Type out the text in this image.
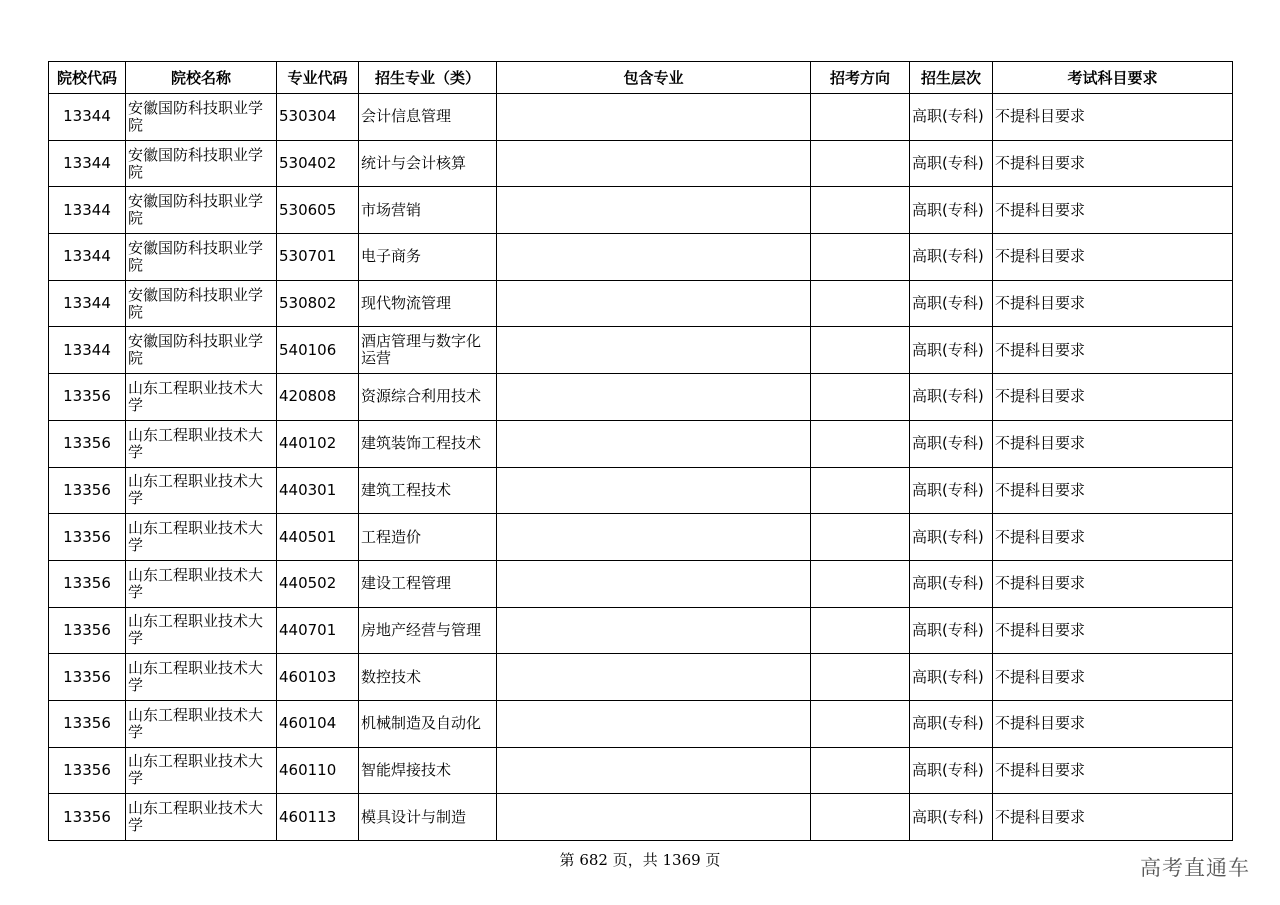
院校代码	院校名称	专业代码	招生专业（类）	包含专业	招考方向	招生层次	考试科目要求
13344	安徽国防科技职业学院	530304	会计信息管理			高职(专科)	不提科目要求
13344	安徽国防科技职业学院	530402	统计与会计核算			高职(专科)	不提科目要求
13344	安徽国防科技职业学院	530605	市场营销			高职(专科)	不提科目要求
13344	安徽国防科技职业学院	530701	电子商务			高职(专科)	不提科目要求
13344	安徽国防科技职业学院	530802	现代物流管理			高职(专科)	不提科目要求
13344	安徽国防科技职业学院	540106	酒店管理与数字化运营			高职(专科)	不提科目要求
13356	山东工程职业技术大学	420808	资源综合利用技术			高职(专科)	不提科目要求
13356	山东工程职业技术大学	440102	建筑装饰工程技术			高职(专科)	不提科目要求
13356	山东工程职业技术大学	440301	建筑工程技术			高职(专科)	不提科目要求
13356	山东工程职业技术大学	440501	工程造价			高职(专科)	不提科目要求
13356	山东工程职业技术大学	440502	建设工程管理			高职(专科)	不提科目要求
13356	山东工程职业技术大学	440701	房地产经营与管理			高职(专科)	不提科目要求
13356	山东工程职业技术大学	460103	数控技术			高职(专科)	不提科目要求
13356	山东工程职业技术大学	460104	机械制造及自动化			高职(专科)	不提科目要求
13356	山东工程职业技术大学	460110	智能焊接技术			高职(专科)	不提科目要求
13356	山东工程职业技术大学	460113	模具设计与制造			高职(专科)	不提科目要求
第 682 页，共 1369 页	高考直通车
